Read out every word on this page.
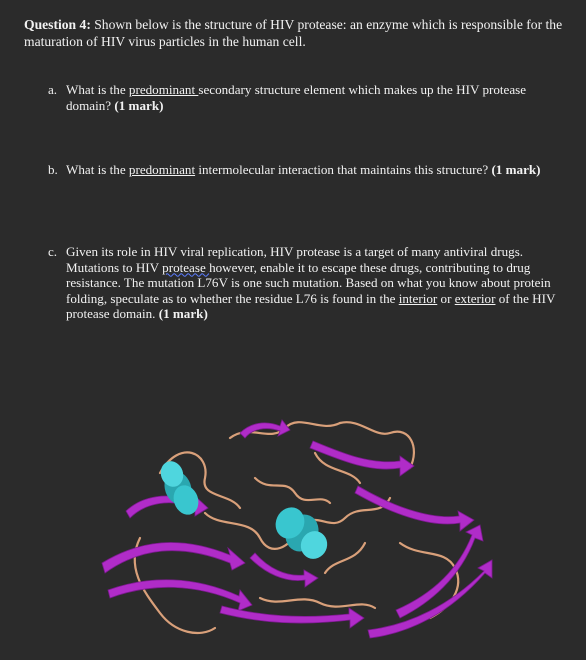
Question 4: Shown below is the structure of HIV protease: an enzyme which is responsible for the maturation of HIV virus particles in the human cell.

a. What is the predominant secondary structure element which makes up the HIV protease domain? (1 mark)

b. What is the predominant intermolecular interaction that maintains this structure? (1 mark)

c. Given its role in HIV viral replication, HIV protease is a target of many antiviral drugs. Mutations to HIV protease however, enable it to escape these drugs, contributing to drug resistance. The mutation L76V is one such mutation. Based on what you know about protein folding, speculate as to whether the residue L76 is found in the interior or exterior of the HIV protease domain. (1 mark)
